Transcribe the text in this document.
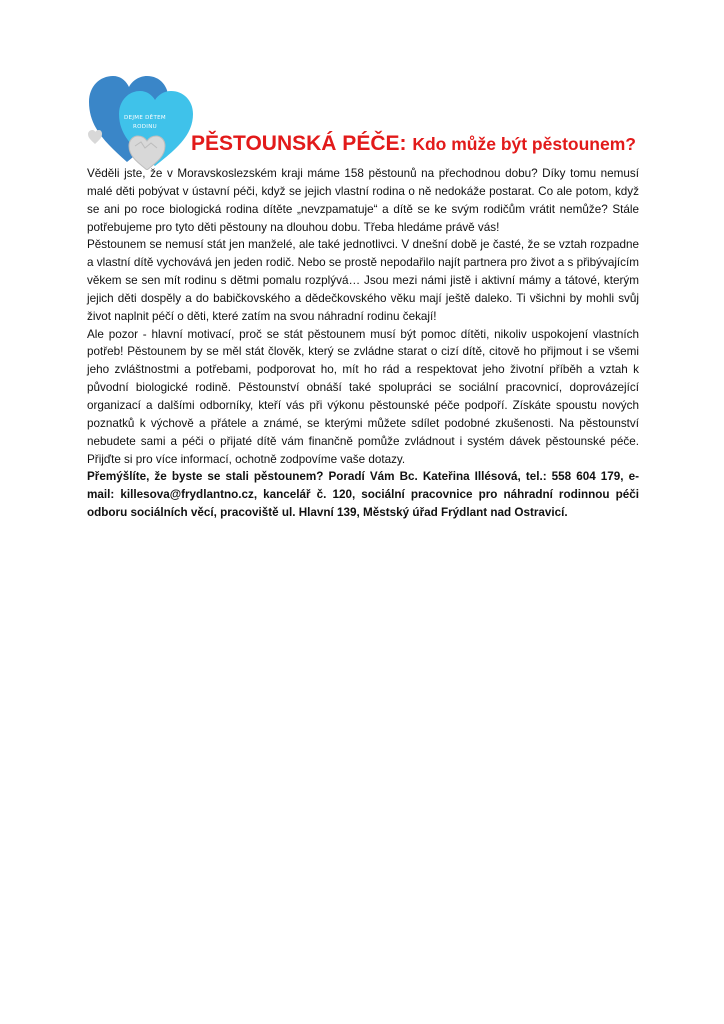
DEJME DĚTEM
RODINU
PĚSTOUNSKÁ PÉČE: Kdo může být pěstounem?

Věděli jste, že v Moravskoslezském kraji máme 158 pěstounů na přechodnou dobu? Díky tomu nemusí malé děti pobývat v ústavní péči, když se jejich vlastní rodina o ně nedokáže postarat. Co ale potom, když se ani po roce biologická rodina dítěte „nevzpamatuje“ a dítě se ke svým rodičům vrátit nemůže? Stále potřebujeme pro tyto děti pěstouny na dlouhou dobu. Třeba hledáme právě vás!

Pěstounem se nemusí stát jen manželé, ale také jednotlivci. V dnešní době je časté, že se vztah rozpadne a vlastní dítě vychovává jen jeden rodič. Nebo se prostě nepodařilo najít partnera pro život a s přibývajícím věkem se sen mít rodinu s dětmi pomalu rozplývá… Jsou mezi námi jistě i aktivní mámy a tátové, kterým jejich děti dospěly a do babičkovského a dědečkovského věku mají ještě daleko. Ti všichni by mohli svůj život naplnit péčí o děti, které zatím na svou náhradní rodinu čekají!

Ale pozor - hlavní motivací, proč se stát pěstounem musí být pomoc dítěti, nikoliv uspokojení vlastních potřeb! Pěstounem by se měl stát člověk, který se zvládne starat o cizí dítě, citově ho přijmout i se všemi jeho zvláštnostmi a potřebami, podporovat ho, mít ho rád a respektovat jeho životní příběh a vztah k původní biologické rodině. Pěstounství obnáší také spolupráci se sociální pracovnicí, doprovázející organizací a dalšími odborníky, kteří vás při výkonu pěstounské péče podpoří. Získáte spoustu nových poznatků k výchově a přátele a známé, se kterými můžete sdílet podobné zkušenosti. Na pěstounství nebudete sami a péči o přijaté dítě vám finančně pomůže zvládnout i systém dávek pěstounské péče. Přijďte si pro více informací, ochotně zodpovíme vaše dotazy.

Přemýšlíte, že byste se stali pěstounem? Poradí Vám Bc. Kateřina Illésová, tel.: 558 604 179, e-mail: killesova@frydlantno.cz, kancelář č. 120, sociální pracovnice pro náhradní rodinnou péči odboru sociálních věcí, pracoviště ul. Hlavní 139, Městský úřad Frýdlant nad Ostravicí.
